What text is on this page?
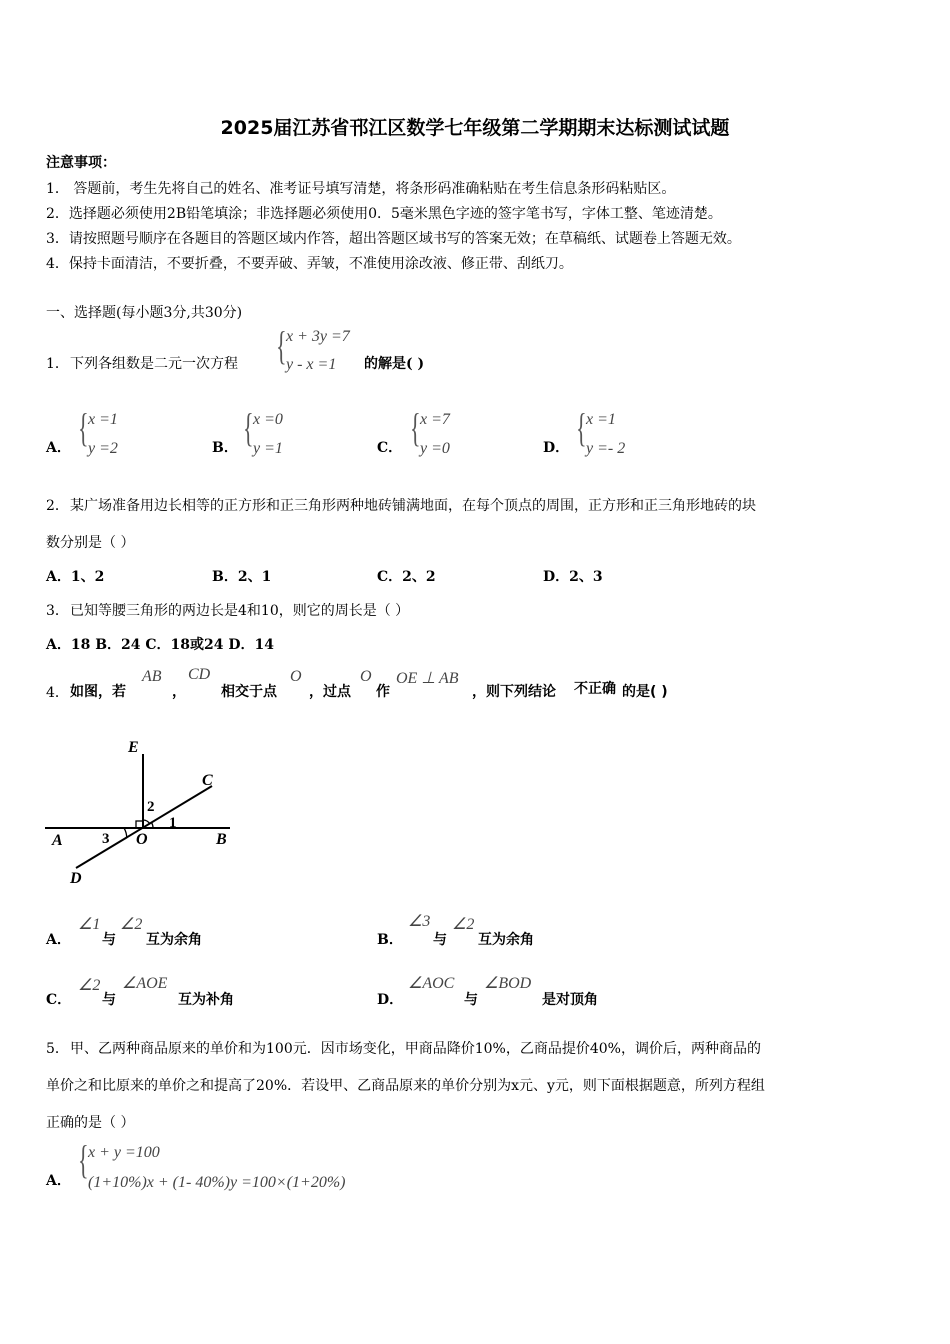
2025届江苏省邗江区数学七年级第二学期期末达标测试试题
注意事项：
1． 答题前，考生先将自己的姓名、准考证号填写清楚，将条形码准确粘贴在考生信息条形码粘贴区。
2．选择题必须使用2B铅笔填涂；非选择题必须使用0．5毫米黑色字迹的签字笔书写，字体工整、笔迹清楚。
3．请按照题号顺序在各题目的答题区域内作答，超出答题区域书写的答案无效；在草稿纸、试题卷上答题无效。
4．保持卡面清洁，不要折叠，不要弄破、弄皱，不准使用涂改液、修正带、刮纸刀。
一、选择题(每小题3分,共30分)
1． 下列各组数是二元一次方程 { x + 3y =7
y - x =1 的解是( )
A． { x =1
y =2	B． { x =0
y =1	C． { x =7
y =0	D． { x =1
y =- 2
2． 某广场准备用边长相等的正方形和正三角形两种地砖铺满地面，在每个顶点的周围，正方形和正三角形地砖的块
数分别是（ ）
A．1、2	B．2、1	C．2、2	D．2、3
3． 已知等腰三角形的两边长是4和10，则它的周长是（ ）
A．18 B．24 C．18或24 D．14
4． 如图，若
AB
，
CD
相交于点
O
，过点
O
作
OE ⊥ AB
，则下列结论 不正确 的是( )
E
C
A	O	B
D
1
2
3
A．
∠1
与
∠2
互为余角	B．
∠3
与
∠2
互为余角
C．
∠2
与
∠AOE
互为补角	D．
∠AOC
与
∠BOD
是对顶角
5． 甲、乙两种商品原来的单价和为100元．因市场变化，甲商品降价10%，乙商品提价40%，调价后，两种商品的
单价之和比原来的单价之和提高了20%．若设甲、乙商品原来的单价分别为x元、y元，则下面根据题意，所列方程组
正确的是（ ）
A． { x + y =100
(1+10%)x + (1- 40%)y =100×(1+20%)
